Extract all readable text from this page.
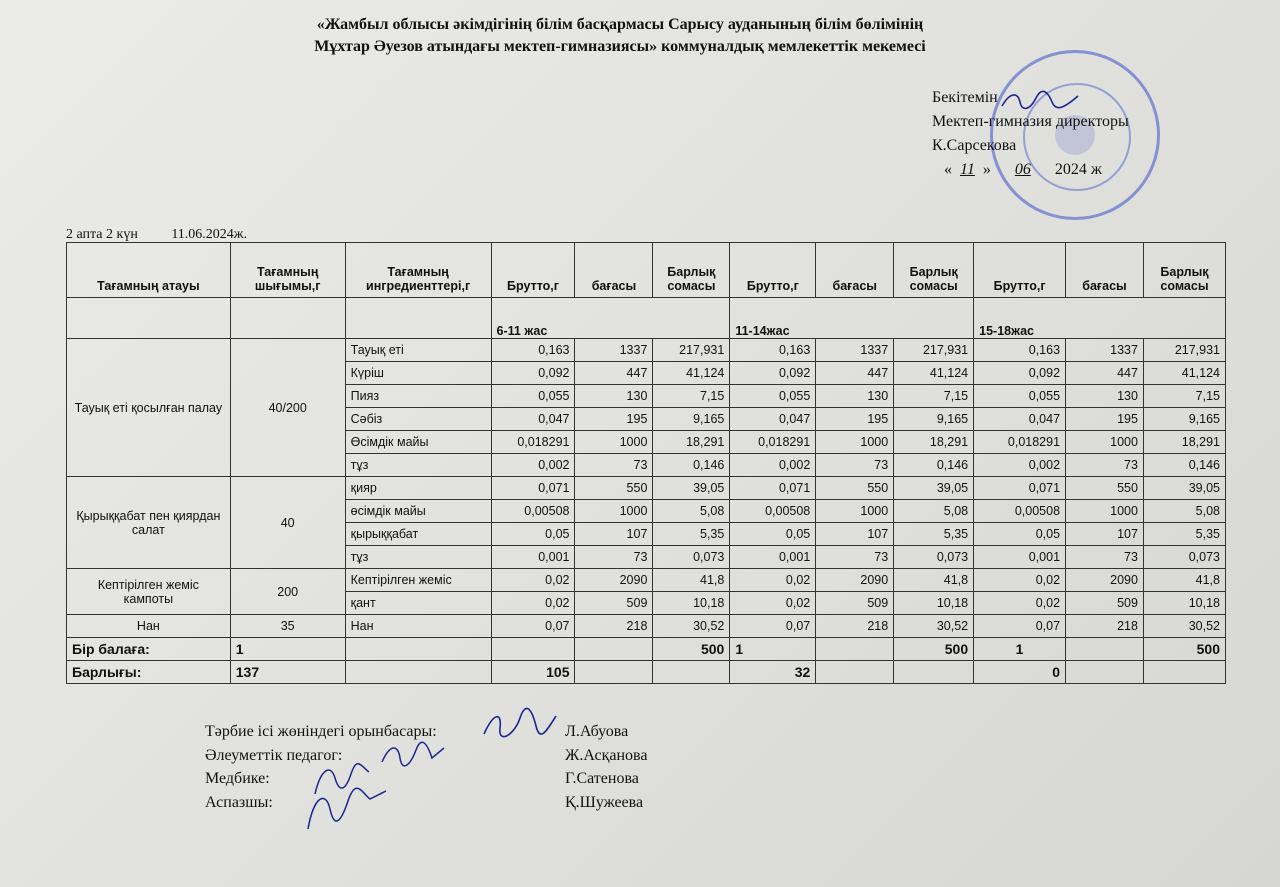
«Жамбыл облысы әкімдігінің білім басқармасы Сарысу ауданының білім бөлімінің
Мұхтар Әуезов атындағы мектеп-гимназиясы» коммуналдық мемлекеттік мекемесі
Бекітемін
Мектеп-гимназия директоры
К.Сарсекова
« 11 » 06 2024 ж
2 апта 2 күн 11.06.2024ж.
Тағамның атауы	Тағамның шығымы,г	Тағамның ингредиенттері,г	Брутто,г	бағасы	Барлық сомасы	Брутто,г	бағасы	Барлық сомасы	Брутто,г	бағасы	Барлық сомасы
			6-11 жас			11-14жас			15-18жас		
Тауық еті қосылған палау	40/200	Тауық еті	0,163	1337	217,931	0,163	1337	217,931	0,163	1337	217,931
		Күріш	0,092	447	41,124	0,092	447	41,124	0,092	447	41,124
		Пияз	0,055	130	7,15	0,055	130	7,15	0,055	130	7,15
		Сәбіз	0,047	195	9,165	0,047	195	9,165	0,047	195	9,165
		Өсімдік майы	0,018291	1000	18,291	0,018291	1000	18,291	0,018291	1000	18,291
		тұз	0,002	73	0,146	0,002	73	0,146	0,002	73	0,146
Қырыққабат пен қиярдан салат	40	қияр	0,071	550	39,05	0,071	550	39,05	0,071	550	39,05
		өсімдік майы	0,00508	1000	5,08	0,00508	1000	5,08	0,00508	1000	5,08
		қырыққабат	0,05	107	5,35	0,05	107	5,35	0,05	107	5,35
		тұз	0,001	73	0,073	0,001	73	0,073	0,001	73	0,073
Кептірілген жеміс кампоты	200	Кептірілген жеміс	0,02	2090	41,8	0,02	2090	41,8	0,02	2090	41,8
		қант	0,02	509	10,18	0,02	509	10,18	0,02	509	10,18
Нан	35	Нан	0,07	218	30,52	0,07	218	30,52	0,07	218	30,52
Бір балаға:	1				500	1		500	1		500
Барлығы:	137		105			32			0		
Тәрбие ісі жөніндегі орынбасары:	Л.Абуова
Әлеуметтік педагог:	Ж.Асқанова
Медбике:	Г.Сатенова
Аспазшы:	Қ.Шужеева
